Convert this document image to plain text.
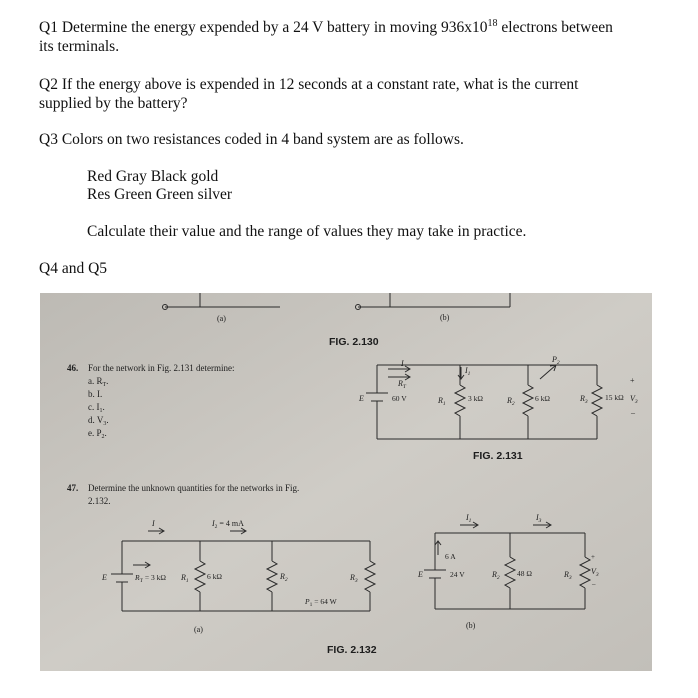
Q1 Determine the energy expended by a 24 V battery in moving $936x10^{18}$ electrons between

its terminals.

Q2 If the energy above is expended in 12 seconds at a constant rate, what is the current

supplied by the battery?

Q3 Colors on two resistances coded in 4 band system are as follows.

Red Gray Black gold

Res Green Green silver

Calculate their value and the range of values they may take in practice.

Q4 and Q5

(a)	(b)
FIG. 2.130
46. For the network in Fig. 2.131 determine:
a. $R_T$.
b. I.
c. $I_1$.
d. $V_3$.
e. $P_2$.
I
$R_T$
E	60 V
$I_1$
$R_1$
3 kΩ	$R_2$
6 kΩ
$P_2$
$R_3$ 15 kΩ
+
$V_3$
–
FIG. 2.131
47. Determine the unknown quantities for the networks in Fig.
2.132.
I	$I_2 = 4$ mA
E	$R_T = 3$ kΩ $R_1$ 6 kΩ	$R_2$	$R_3$
$P_1 = 64$ W
(a)
$I_1$	$I_3$
6 A
E	24 V	$R_2$ 48 Ω	$R_3$
+
$V_3$
–
(b)
FIG. 2.132
